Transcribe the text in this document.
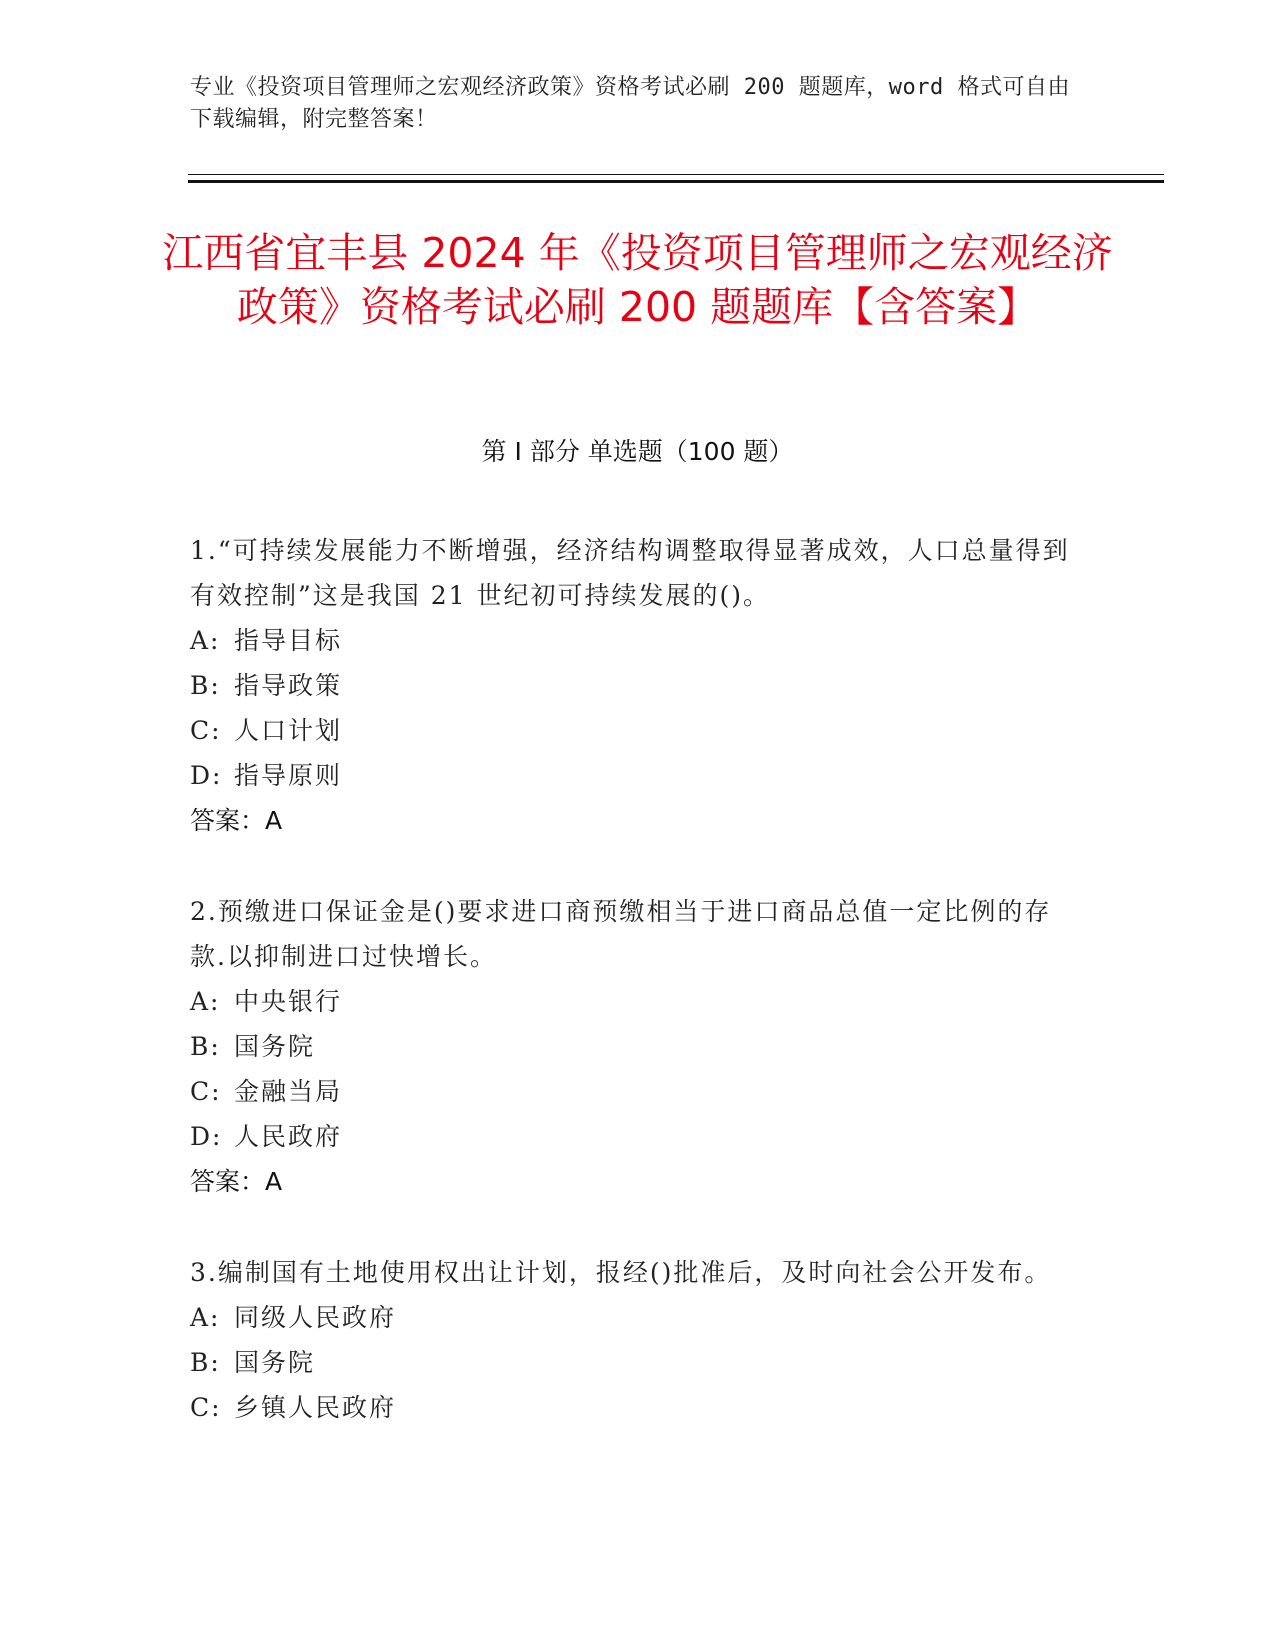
专业《投资项目管理师之宏观经济政策》资格考试必刷 200 题题库，word 格式可自由下载编辑，附完整答案！
江西省宜丰县 2024 年《投资项目管理师之宏观经济政策》资格考试必刷 200 题题库【含答案】
第 I 部分 单选题（100 题）
1.“可持续发展能力不断增强，经济结构调整取得显著成效，人口总量得到有效控制”这是我国 21 世纪初可持续发展的()。
A: 指导目标
B: 指导政策
C: 人口计划
D: 指导原则
答案：A
2.预缴进口保证金是()要求进口商预缴相当于进口商品总值一定比例的存款.以抑制进口过快增长。
A: 中央银行
B: 国务院
C: 金融当局
D: 人民政府
答案：A
3.编制国有土地使用权出让计划，报经()批准后，及时向社会公开发布。
A: 同级人民政府
B: 国务院
C: 乡镇人民政府
